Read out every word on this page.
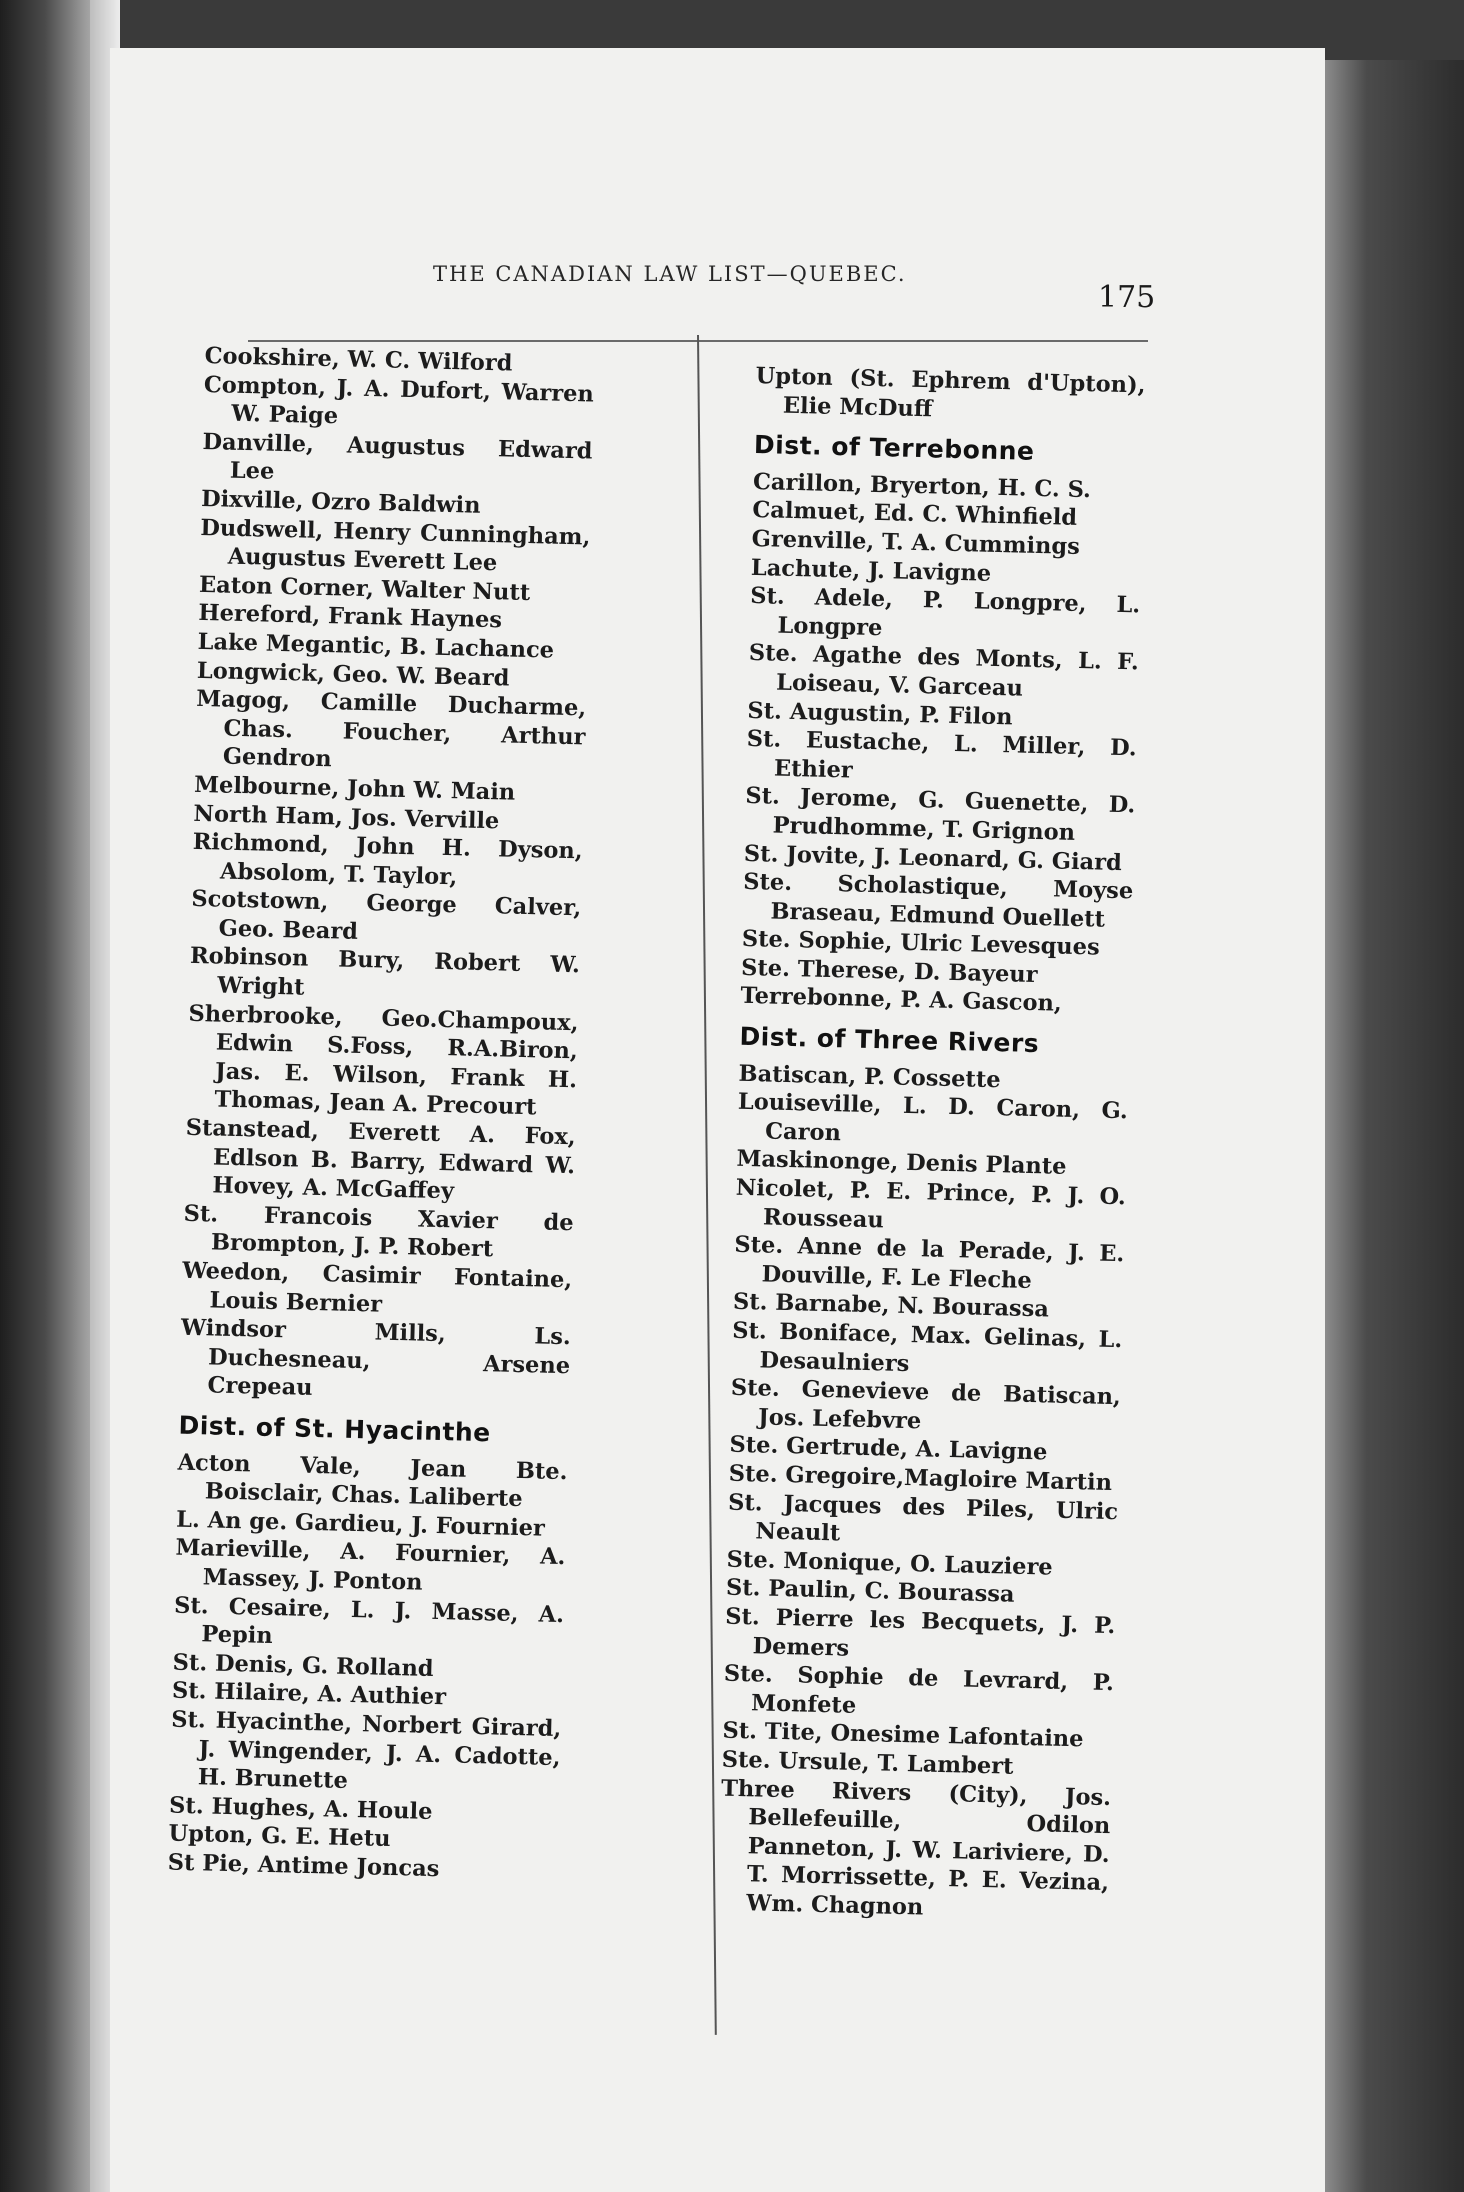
THE CANADIAN LAW LIST—QUEBEC.
175
Cookshire, W. C. Wilford
Compton, J. A. Dufort, Warren W. Paige
Danville, Augustus Edward Lee
Dixville, Ozro Baldwin
Dudswell, Henry Cunningham, Augustus Everett Lee
Eaton Corner, Walter Nutt
Hereford, Frank Haynes
Lake Megantic, B. Lachance
Longwick, Geo. W. Beard
Magog, Camille Ducharme, Chas. Foucher, Arthur Gendron
Melbourne, John W. Main
North Ham, Jos. Verville
Richmond, John H. Dyson, Absolom, T. Taylor,
Scotstown, George Calver, Geo. Beard
Robinson Bury, Robert W. Wright
Sherbrooke, Geo.Champoux, Edwin S.Foss, R.A.Biron, Jas. E. Wilson, Frank H. Thomas, Jean A. Precourt
Stanstead, Everett A. Fox, Edlson B. Barry, Edward W. Hovey, A. McGaffey
St. Francois Xavier de Brompton, J. P. Robert
Weedon, Casimir Fontaine, Louis Bernier
Windsor Mills, Ls. Duchesneau, Arsene Crepeau
Dist. of St. Hyacinthe
Acton Vale, Jean Bte. Boisclair, Chas. Laliberte
L. An ge. Gardieu, J. Fournier
Marieville, A. Fournier, A. Massey, J. Ponton
St. Cesaire, L. J. Masse, A. Pepin
St. Denis, G. Rolland
St. Hilaire, A. Authier
St. Hyacinthe, Norbert Girard, J. Wingender, J. A. Cadotte, H. Brunette
St. Hughes, A. Houle
Upton, G. E. Hetu
St Pie, Antime Joncas
Upton (St. Ephrem d'Upton), Elie McDuff
Dist. of Terrebonne
Carillon, Bryerton, H. C. S.
Calmuet, Ed. C. Whinfield
Grenville, T. A. Cummings
Lachute, J. Lavigne
St. Adele, P. Longpre, L. Longpre
Ste. Agathe des Monts, L. F. Loiseau, V. Garceau
St. Augustin, P. Filon
St. Eustache, L. Miller, D. Ethier
St. Jerome, G. Guenette, D. Prudhomme, T. Grignon
St. Jovite, J. Leonard, G. Giard
Ste. Scholastique, Moyse Braseau, Edmund Ouellett
Ste. Sophie, Ulric Levesques
Ste. Therese, D. Bayeur
Terrebonne, P. A. Gascon,
Dist. of Three Rivers
Batiscan, P. Cossette
Louiseville, L. D. Caron, G. Caron
Maskinonge, Denis Plante
Nicolet, P. E. Prince, P. J. O. Rousseau
Ste. Anne de la Perade, J. E. Douville, F. Le Fleche
St. Barnabe, N. Bourassa
St. Boniface, Max. Gelinas, L. Desaulniers
Ste. Genevieve de Batiscan, Jos. Lefebvre
Ste. Gertrude, A. Lavigne
Ste. Gregoire,Magloire Martin
St. Jacques des Piles, Ulric Neault
Ste. Monique, O. Lauziere
St. Paulin, C. Bourassa
St. Pierre les Becquets, J. P. Demers
Ste. Sophie de Levrard, P. Monfete
St. Tite, Onesime Lafontaine
Ste. Ursule, T. Lambert
Three Rivers (City), Jos. Bellefeuille, Odilon Panneton, J. W. Lariviere, D. T. Morrissette, P. E. Vezina, Wm. Chagnon
